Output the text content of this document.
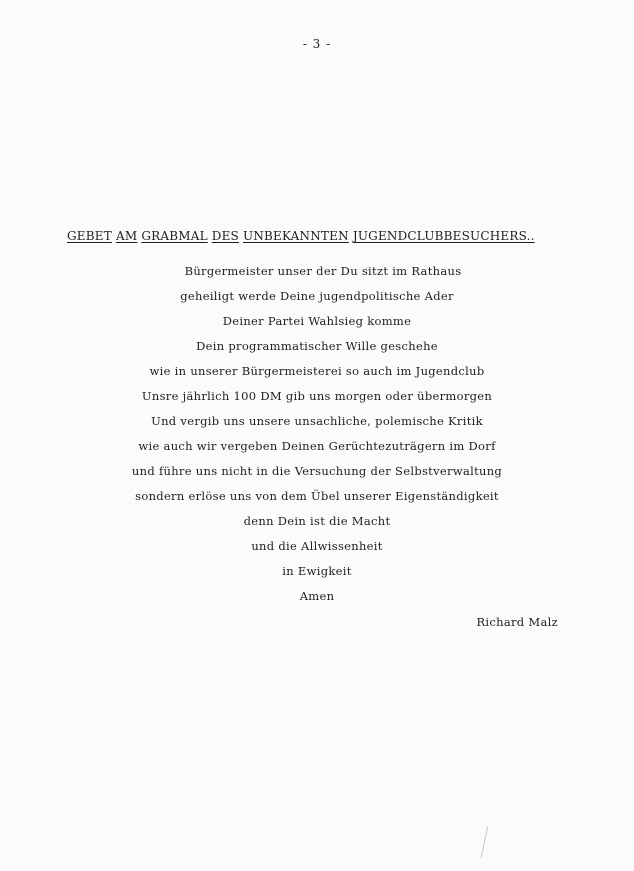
- 3 -
GEBET AM GRABMAL DES UNBEKANNTEN JUGENDCLUBBESUCHERS..
Bürgermeister unser der Du sitzt im Rathaus
geheiligt werde Deine jugendpolitische Ader
Deiner Partei Wahlsieg komme
Dein programmatischer Wille geschehe
wie in unserer Bürgermeisterei so auch im Jugendclub
Unsre jährlich 100 DM gib uns morgen oder übermorgen
Und vergib uns unsere unsachliche, polemische Kritik
wie auch wir vergeben Deinen Gerüchtezuträgern im Dorf
und führe uns nicht in die Versuchung der Selbstverwaltung
sondern erlöse uns von dem Übel unserer Eigenständigkeit
denn Dein ist die Macht
und die Allwissenheit
in Ewigkeit
Amen
Richard Malz
